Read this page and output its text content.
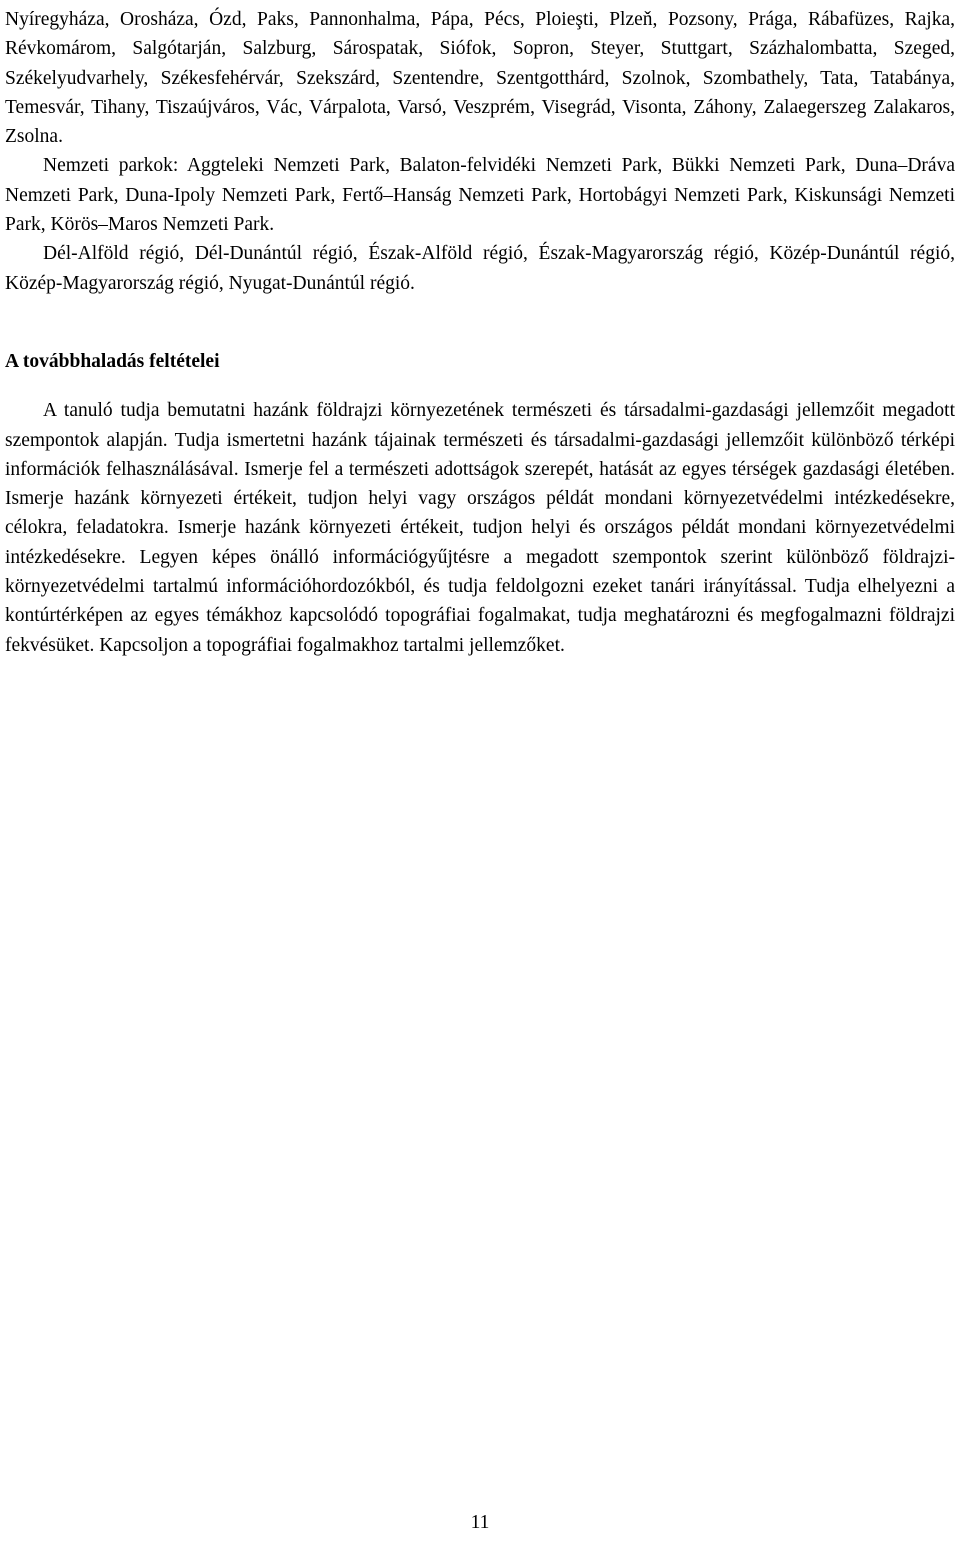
Nyíregyháza, Orosháza, Ózd, Paks, Pannonhalma, Pápa, Pécs, Ploieşti, Plzeň, Pozsony, Prága, Rábafüzes, Rajka, Révkomárom, Salgótarján, Salzburg, Sárospatak, Siófok, Sopron, Steyer, Stuttgart, Százhalombatta, Szeged, Székelyudvarhely, Székesfehérvár, Szekszárd, Szentendre, Szentgotthárd, Szolnok, Szombathely, Tata, Tatabánya, Temesvár, Tihany, Tiszaújváros, Vác, Várpalota, Varsó, Veszprém, Visegrád, Visonta, Záhony, Zalaegerszeg Zalakaros, Zsolna.

Nemzeti parkok: Aggteleki Nemzeti Park, Balaton-felvidéki Nemzeti Park, Bükki Nemzeti Park, Duna–Dráva Nemzeti Park, Duna-Ipoly Nemzeti Park, Fertő–Hanság Nemzeti Park, Hortobágyi Nemzeti Park, Kiskunsági Nemzeti Park, Körös–Maros Nemzeti Park.

Dél-Alföld régió, Dél-Dunántúl régió, Észak-Alföld régió, Észak-Magyarország régió, Közép-Dunántúl régió, Közép-Magyarország régió, Nyugat-Dunántúl régió.

A továbbhaladás feltételei

A tanuló tudja bemutatni hazánk földrajzi környezetének természeti és társadalmi-gazdasági jellemzőit megadott szempontok alapján. Tudja ismertetni hazánk tájainak természeti és társadalmi-gazdasági jellemzőit különböző térképi információk felhasználásával. Ismerje fel a természeti adottságok szerepét, hatását az egyes térségek gazdasági életében. Ismerje hazánk környezeti értékeit, tudjon helyi vagy országos példát mondani környezetvédelmi intézkedésekre, célokra, feladatokra. Ismerje hazánk környezeti értékeit, tudjon helyi és országos példát mondani környezetvédelmi intézkedésekre. Legyen képes önálló információgyűjtésre a megadott szempontok szerint különböző földrajzi-környezetvédelmi tartalmú információhordozókból, és tudja feldolgozni ezeket tanári irányítással. Tudja elhelyezni a kontúrtérképen az egyes témákhoz kapcsolódó topográfiai fogalmakat, tudja meghatározni és megfogalmazni földrajzi fekvésüket. Kapcsoljon a topográfiai fogalmakhoz tartalmi jellemzőket.

11
